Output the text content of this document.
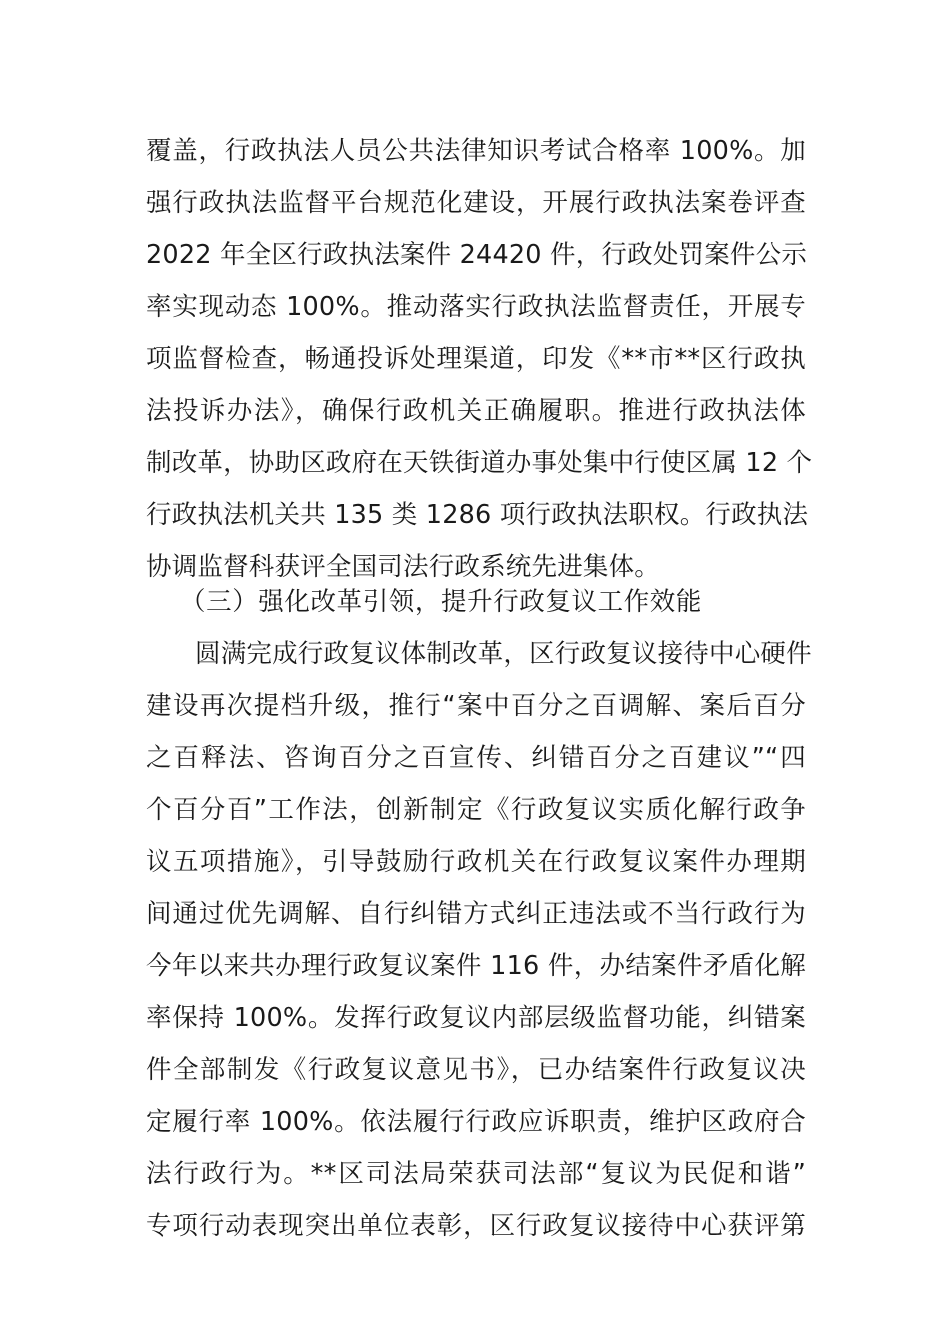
覆盖，行政执法人员公共法律知识考试合格率 100%。加
强行政执法监督平台规范化建设，开展行政执法案卷评查
2022 年全区行政执法案件 24420 件，行政处罚案件公示
率实现动态 100%。推动落实行政执法监督责任，开展专
项监督检查，畅通投诉处理渠道，印发《**市**区行政执
法投诉办法》，确保行政机关正确履职。推进行政执法体
制改革，协助区政府在天铁街道办事处集中行使区属 12 个
行政执法机关共 135 类 1286 项行政执法职权。行政执法
协调监督科获评全国司法行政系统先进集体。
（三）强化改革引领，提升行政复议工作效能
圆满完成行政复议体制改革，区行政复议接待中心硬件
建设再次提档升级，推行“案中百分之百调解、案后百分
之百释法、咨询百分之百宣传、纠错百分之百建议”“四
个百分百”工作法，创新制定《行政复议实质化解行政争
议五项措施》，引导鼓励行政机关在行政复议案件办理期
间通过优先调解、自行纠错方式纠正违法或不当行政行为
今年以来共办理行政复议案件 116 件，办结案件矛盾化解
率保持 100%。发挥行政复议内部层级监督功能，纠错案
件全部制发《行政复议意见书》，已办结案件行政复议决
定履行率 100%。依法履行行政应诉职责，维护区政府合
法行政行为。**区司法局荣获司法部“复议为民促和谐”
专项行动表现突出单位表彰，区行政复议接待中心获评第
